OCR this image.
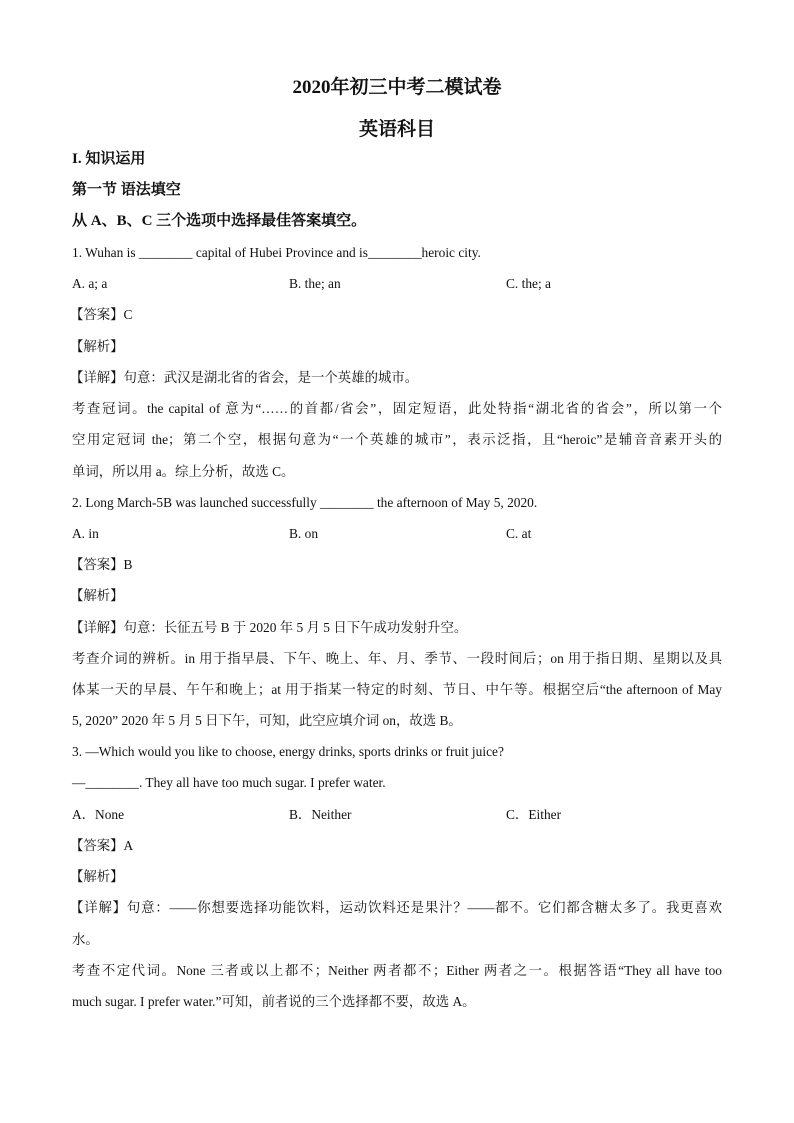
2020年初三中考二模试卷
英语科目
I. 知识运用
第一节 语法填空
从 A、B、C 三个选项中选择最佳答案填空。
1. Wuhan is ________ capital of Hubei Province and is________heroic city.
A. a; a	B. the; an	C. the; a
【答案】C
【解析】
【详解】句意：武汉是湖北省的省会，是一个英雄的城市。
考查冠词。the capital of 意为“……的首都/省会”，固定短语，此处特指“湖北省的省会”，所以第一个
空用定冠词 the；第二个空，根据句意为“一个英雄的城市”，表示泛指，且“heroic”是辅音音素开头的
单词，所以用 a。综上分析，故选 C。
2. Long March-5B was launched successfully ________ the afternoon of May 5, 2020.
A. in	B. on	C. at
【答案】B
【解析】
【详解】句意：长征五号 B 于 2020 年 5 月 5 日下午成功发射升空。
考查介词的辨析。in 用于指早晨、下午、晚上、年、月、季节、一段时间后；on 用于指日期、星期以及具
体某一天的早晨、午午和晚上；at 用于指某一特定的时刻、节日、中午等。根据空后“the afternoon of May
5, 2020” 2020 年 5 月 5 日下午，可知，此空应填介词 on，故选 B。
3. —Which would you like to choose, energy drinks, sports drinks or fruit juice?
—________. They all have too much sugar. I prefer water.
A．None	B．Neither	C．Either
【答案】A
【解析】
【详解】句意：——你想要选择功能饮料，运动饮料还是果汁？——都不。它们都含糖太多了。我更喜欢
水。
考查不定代词。None 三者或以上都不；Neither 两者都不；Either 两者之一。根据答语“They all have too
much sugar. I prefer water.”可知，前者说的三个选择都不要，故选 A。
